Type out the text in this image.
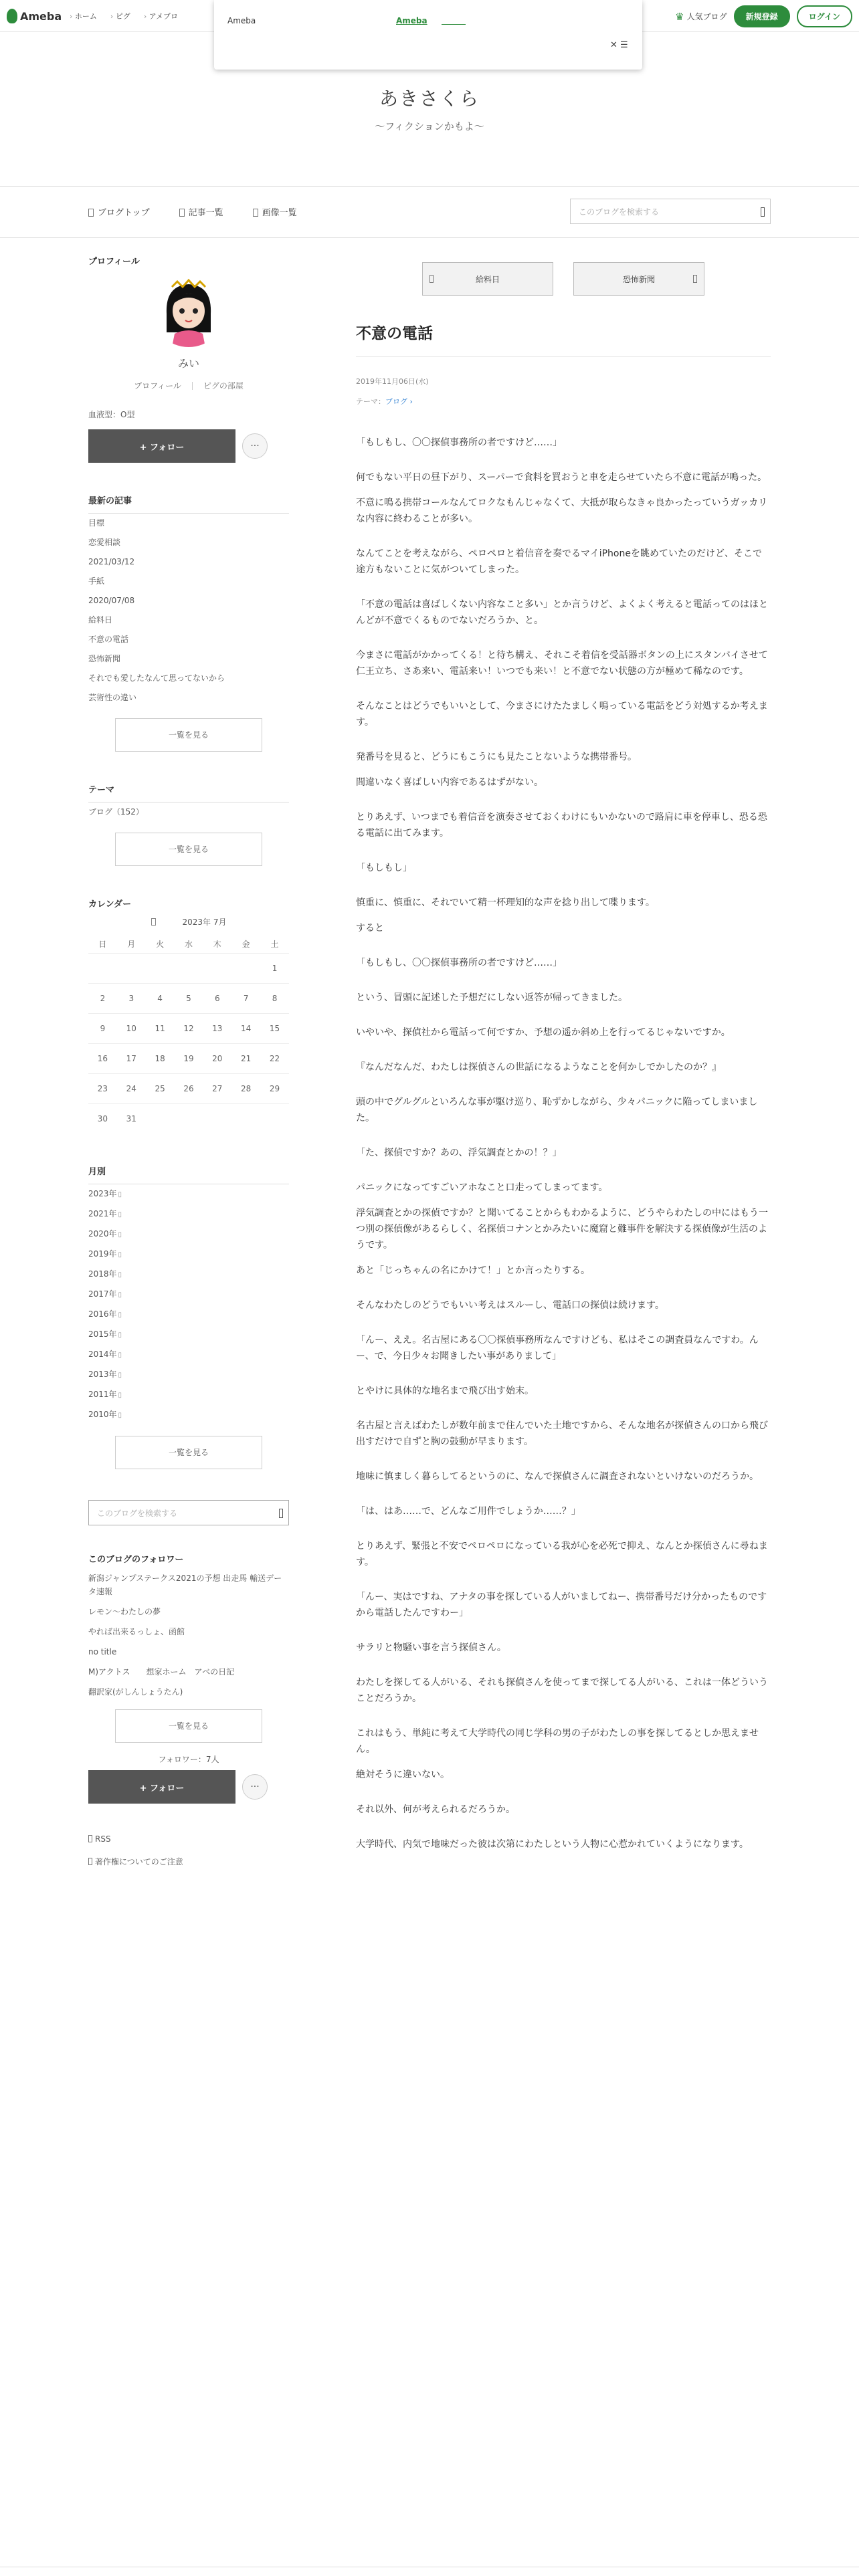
Ameba	› ホーム	› ピグ	› アメブロ	♛ 人気ブログ	新規登録	ログイン
Ameba	Ameba
✕ ☰
あきさくら
〜フィクションかもよ〜
ブログトップ	記事一覧	画像一覧	このブログを検索する
プロフィール
みい
プロフィール	ピグの部屋
血液型：O型
+ フォロー	···
最新の記事
目標
恋愛相談
2021/03/12
手紙
2020/07/08
給料日
不意の電話
恐怖新聞
それでも愛したなんて思ってないから
芸術性の違い
一覧を見る
テーマ
ブログ（152）
一覧を見る
カレンダー
2023年 7月
日	月	火	水	木	金	土
						1
2	3	4	5	6	7	8
9	10	11	12	13	14	15
16	17	18	19	20	21	22
23	24	25	26	27	28	29
30	31					
月別
2023年 ▯
2021年 ▯
2020年 ▯
2019年 ▯
2018年 ▯
2017年 ▯
2016年 ▯
2015年 ▯
2014年 ▯
2013年 ▯
2011年 ▯
2010年 ▯
一覧を見る
このブログを検索する
このブログのフォロワー
新潟ジャンプステークス2021の予想 出走馬 輸送データ速報
レモン〜わたしの夢
やれば出来るっしょ、函館
no title
M)アクトス　　想家ホーム　アベの日記
翻訳家(がしんしょうたん)
一覧を見る
フォロワー：7人
+ フォロー	···
RSS
著作権についてのご注意
給料日	恐怖新聞
不意の電話
2019年11月06日(水)
テーマ：ブログ ›

「もしもし、〇〇探偵事務所の者ですけど……」

何でもない平日の昼下がり、スーパーで食料を買おうと車を走らせていたら不意に電話が鳴った。

不意に鳴る携帯コールなんてロクなもんじゃなくて、大抵が取らなきゃ良かったっていうガッカリな内容に終わることが多い。

なんてことを考えながら、ペロペロと着信音を奏でるマイiPhoneを眺めていたのだけど、そこで途方もないことに気がついてしまった。

「不意の電話は喜ばしくない内容なこと多い」とか言うけど、よくよく考えると電話ってのはほとんどが不意でくるものでないだろうか、と。

今まさに電話がかかってくる！と待ち構え、それこそ着信を受話器ボタンの上にスタンバイさせて仁王立ち、さあ来い、電話来い！いつでも来い！と不意でない状態の方が極めて稀なのです。

そんなことはどうでもいいとして、今まさにけたたましく鳴っている電話をどう対処するか考えます。

発番号を見ると、どうにもこうにも見たことないような携帯番号。

間違いなく喜ばしい内容であるはずがない。

とりあえず、いつまでも着信音を演奏させておくわけにもいかないので路肩に車を停車し、恐る恐る電話に出てみます。

「もしもし」

慎重に、慎重に、それでいて精一杯理知的な声を捻り出して喋ります。

すると

「もしもし、〇〇探偵事務所の者ですけど……」

という、冒頭に記述した予想だにしない返答が帰ってきました。

いやいや、探偵社から電話って何ですか、予想の遥か斜め上を行ってるじゃないですか。

『なんだなんだ、わたしは探偵さんの世話になるようなことを何かしでかしたのか？』

頭の中でグルグルといろんな事が駆け巡り、恥ずかしながら、少々パニックに陥ってしまいました。

「た、探偵ですか？あの、浮気調査とかの！？」

パニックになってすごいアホなこと口走ってしまってます。

浮気調査とかの探偵ですか？と聞いてることからもわかるように、どうやらわたしの中にはもう一つ別の探偵像があるらしく、名探偵コナンとかみたいに魔窟と難事件を解決する探偵像が生活のようです。

あと「じっちゃんの名にかけて！」とか言ったりする。

そんなわたしのどうでもいい考えはスルーし、電話口の探偵は続けます。

「んー、ええ。名古屋にある〇〇探偵事務所なんですけども、私はそこの調査員なんですわ。んー、で、今日少々お聞きしたい事がありまして」

とやけに具体的な地名まで飛び出す始末。

名古屋と言えばわたしが数年前まで住んでいた土地ですから、そんな地名が探偵さんの口から飛び出すだけで自ずと胸の鼓動が早まります。

地味に慎ましく暮らしてるというのに、なんで探偵さんに調査されないといけないのだろうか。

「は、はあ……で、どんなご用件でしょうか……？」

とりあえず、緊張と不安でペロペロになっている我が心を必死で抑え、なんとか探偵さんに尋ねます。

「んー、実はですね、アナタの事を探している人がいましてねー、携帯番号だけ分かったものですから電話したんですわー」

サラリと物騒い事を言う探偵さん。

わたしを探してる人がいる、それも探偵さんを使ってまで探してる人がいる、これは一体どういうことだろうか。

これはもう、単純に考えて大学時代の同じ学科の男の子がわたしの事を探してるとしか思えません。

絶対そうに違いない。

それ以外、何が考えられるだろうか。

大学時代、内気で地味だった彼は次第にわたしという人物に心惹かれていくようになります。
